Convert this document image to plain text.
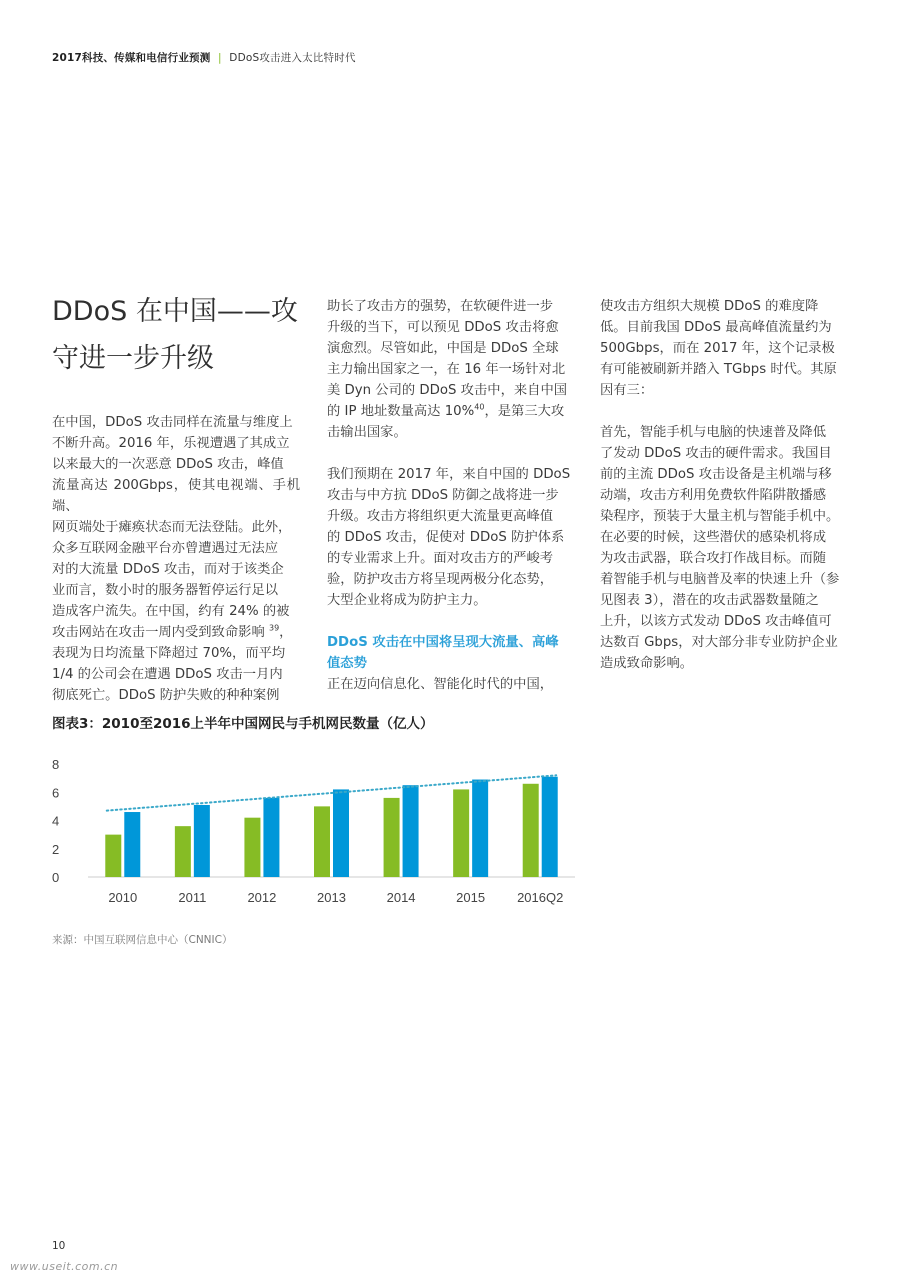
2017科技、传媒和电信行业预测 | DDoS攻击进入太比特时代
DDoS 在中国——攻
守进一步升级

在中国，DDoS 攻击同样在流量与维度上

不断升高。2016 年，乐视遭遇了其成立

以来最大的一次恶意 DDoS 攻击，峰值

流量高达 200Gbps，使其电视端、手机端、

网页端处于瘫痪状态而无法登陆。此外，

众多互联网金融平台亦曾遭遇过无法应

对的大流量 DDoS 攻击，而对于该类企

业而言，数小时的服务器暂停运行足以

造成客户流失。在中国，约有 24% 的被

攻击网站在攻击一周内受到致命影响 $^{39}$，

表现为日均流量下降超过 70%，而平均

1/4 的公司会在遭遇 DDoS 攻击一月内

彻底死亡。DDoS 防护失败的种种案例

助长了攻击方的强势，在软硬件进一步

升级的当下，可以预见 DDoS 攻击将愈

演愈烈。尽管如此，中国是 DDoS 全球

主力输出国家之一，在 16 年一场针对北

美 Dyn 公司的 DDoS 攻击中，来自中国

的 IP 地址数量高达 10%$^{40}$，是第三大攻

击输出国家。

我们预期在 2017 年，来自中国的 DDoS

攻击与中方抗 DDoS 防御之战将进一步

升级。攻击方将组织更大流量更高峰值

的 DDoS 攻击，促使对 DDoS 防护体系

的专业需求上升。面对攻击方的严峻考

验，防护攻击方将呈现两极分化态势，

大型企业将成为防护主力。

DDoS 攻击在中国将呈现大流量、高峰

值态势

正在迈向信息化、智能化时代的中国，

使攻击方组织大规模 DDoS 的难度降

低。目前我国 DDoS 最高峰值流量约为

500Gbps，而在 2017 年，这个记录极

有可能被刷新并踏入 TGbps 时代。其原

因有三：

首先，智能手机与电脑的快速普及降低

了发动 DDoS 攻击的硬件需求。我国目

前的主流 DDoS 攻击设备是主机端与移

动端，攻击方利用免费软件陷阱散播感

染程序，预装于大量主机与智能手机中。

在必要的时候，这些潜伏的感染机将成

为攻击武器，联合攻打作战目标。而随

着智能手机与电脑普及率的快速上升（参

见图表 3），潜在的攻击武器数量随之

上升，以该方式发动 DDoS 攻击峰值可

达数百 Gbps，对大部分非专业防护企业

造成致命影响。

图表3：2010至2016上半年中国网民与手机网民数量（亿人）
0
2
4
6
8
2010	2011	2012	2013	2014	2015 2016Q2
来源：中国互联网信息中心（CNNIC）
10
www.useit.com.cn
